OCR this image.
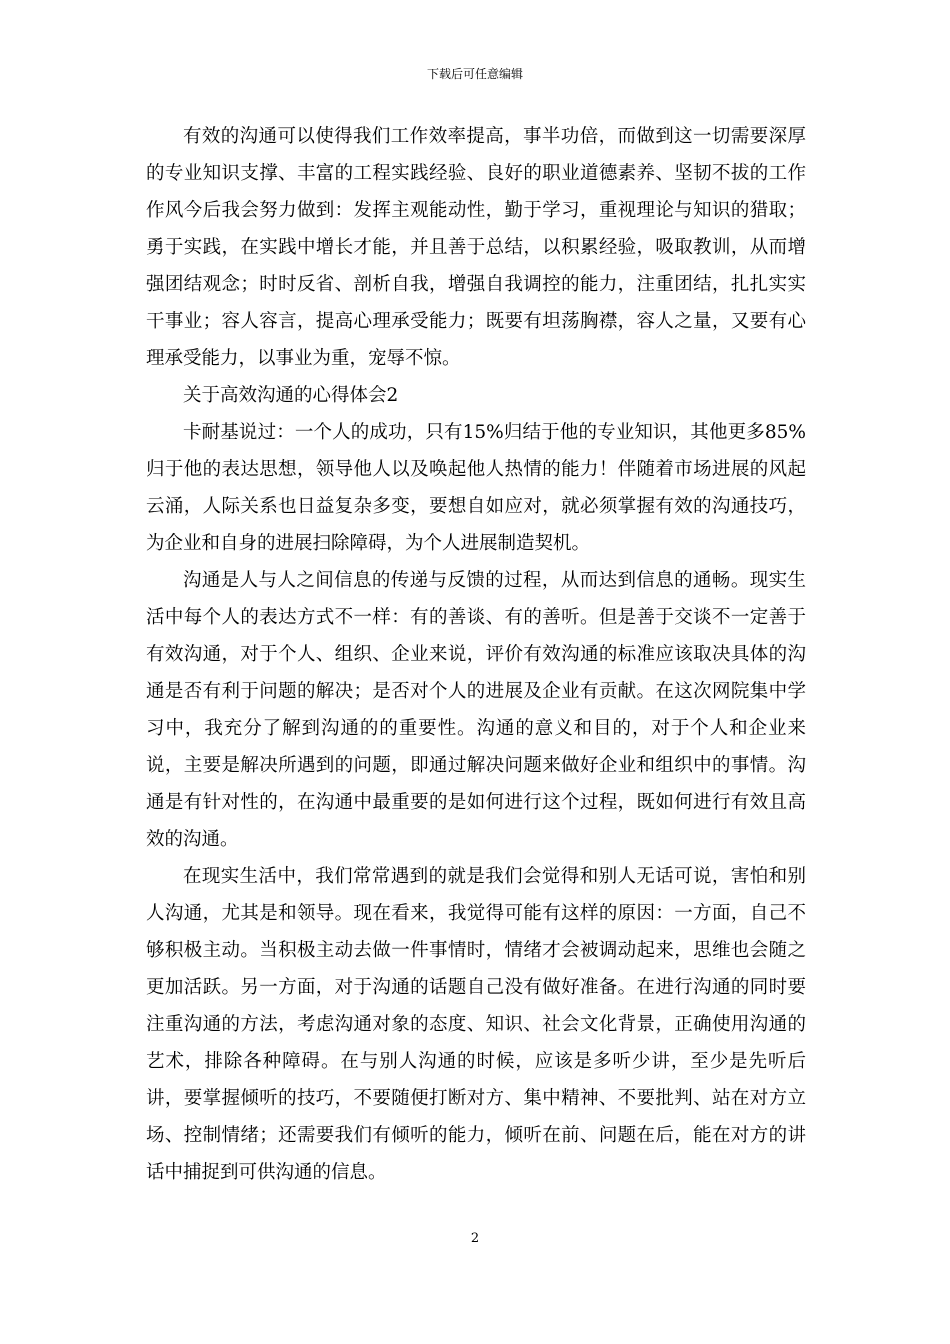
下载后可任意编辑

有效的沟通可以使得我们工作效率提高，事半功倍，而做到这一切需要深厚的专业知识支撑、丰富的工程实践经验、良好的职业道德素养、坚韧不拔的工作作风今后我会努力做到：发挥主观能动性，勤于学习，重视理论与知识的猎取；勇于实践，在实践中增长才能，并且善于总结，以积累经验，吸取教训，从而增强团结观念；时时反省、剖析自我，增强自我调控的能力，注重团结，扎扎实实干事业；容人容言，提高心理承受能力；既要有坦荡胸襟，容人之量，又要有心理承受能力，以事业为重，宠辱不惊。

关于高效沟通的心得体会2

卡耐基说过：一个人的成功，只有15%归结于他的专业知识，其他更多85%归于他的表达思想，领导他人以及唤起他人热情的能力！伴随着市场进展的风起云涌，人际关系也日益复杂多变，要想自如应对，就必须掌握有效的沟通技巧，为企业和自身的进展扫除障碍，为个人进展制造契机。

沟通是人与人之间信息的传递与反馈的过程，从而达到信息的通畅。现实生活中每个人的表达方式不一样：有的善谈、有的善听。但是善于交谈不一定善于有效沟通，对于个人、组织、企业来说，评价有效沟通的标准应该取决具体的沟通是否有利于问题的解决；是否对个人的进展及企业有贡献。在这次网院集中学习中，我充分了解到沟通的的重要性。沟通的意义和目的，对于个人和企业来说，主要是解决所遇到的问题，即通过解决问题来做好企业和组织中的事情。沟通是有针对性的，在沟通中最重要的是如何进行这个过程，既如何进行有效且高效的沟通。

在现实生活中，我们常常遇到的就是我们会觉得和别人无话可说，害怕和别人沟通，尤其是和领导。现在看来，我觉得可能有这样的原因：一方面，自己不够积极主动。当积极主动去做一件事情时，情绪才会被调动起来，思维也会随之更加活跃。另一方面，对于沟通的话题自己没有做好准备。在进行沟通的同时要注重沟通的方法，考虑沟通对象的态度、知识、社会文化背景，正确使用沟通的艺术，排除各种障碍。在与别人沟通的时候，应该是多听少讲，至少是先听后讲，要掌握倾听的技巧，不要随便打断对方、集中精神、不要批判、站在对方立场、控制情绪；还需要我们有倾听的能力，倾听在前、问题在后，能在对方的讲话中捕捉到可供沟通的信息。

2
